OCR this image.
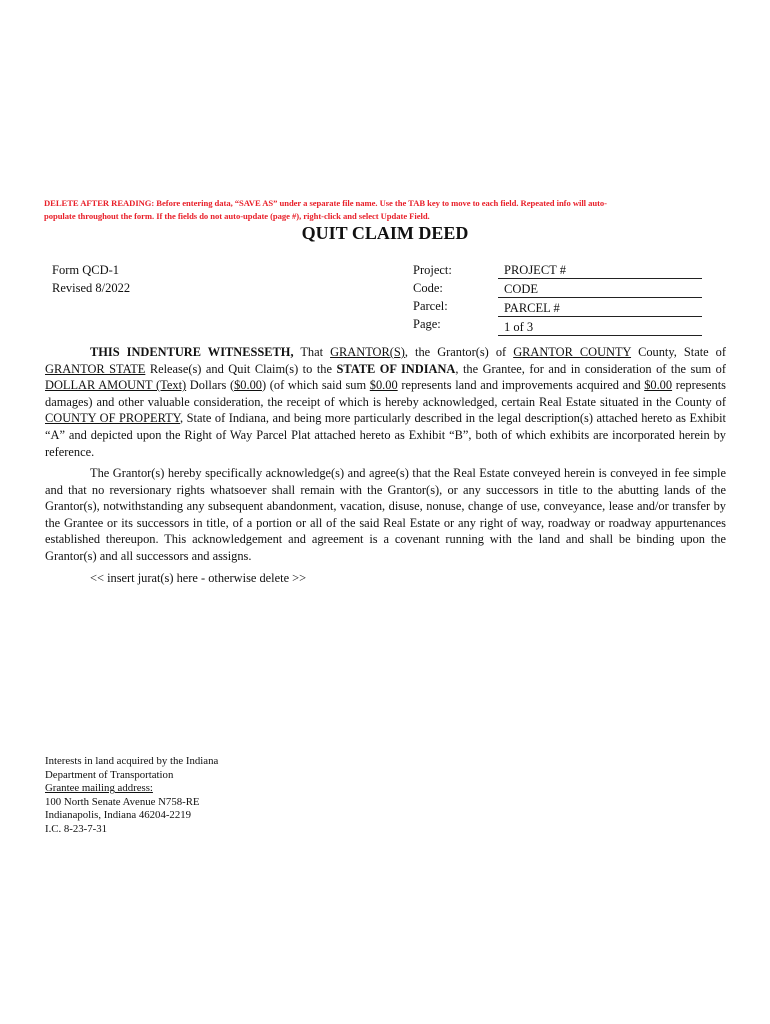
DELETE AFTER READING: Before entering data, “SAVE AS” under a separate file name. Use the TAB key to move to each field. Repeated info will auto-
populate throughout the form. If the fields do not auto-update (page #), right-click and select Update Field.
QUIT CLAIM DEED
Form QCD-1
Revised 8/2022
Project:
Code:
Parcel:
Page:
PROJECT #
CODE
PARCEL #
1 of 3
THIS INDENTURE WITNESSETH, That GRANTOR(S), the Grantor(s) of GRANTOR COUNTY County, State of GRANTOR STATE Release(s) and Quit Claim(s) to the STATE OF INDIANA, the Grantee, for and in consideration of the sum of DOLLAR AMOUNT (Text) Dollars ($0.00) (of which said sum $0.00 represents land and improvements acquired and $0.00 represents damages) and other valuable consideration, the receipt of which is hereby acknowledged, certain Real Estate situated in the County of COUNTY OF PROPERTY, State of Indiana, and being more particularly described in the legal description(s) attached hereto as Exhibit “A” and depicted upon the Right of Way Parcel Plat attached hereto as Exhibit “B”, both of which exhibits are incorporated herein by reference.
The Grantor(s) hereby specifically acknowledge(s) and agree(s) that the Real Estate conveyed herein is conveyed in fee simple and that no reversionary rights whatsoever shall remain with the Grantor(s), or any successors in title to the abutting lands of the Grantor(s), notwithstanding any subsequent abandonment, vacation, disuse, nonuse, change of use, conveyance, lease and/or transfer by the Grantee or its successors in title, of a portion or all of the said Real Estate or any right of way, roadway or roadway appurtenances established thereupon. This acknowledgement and agreement is a covenant running with the land and shall be binding upon the Grantor(s) and all successors and assigns.
<< insert jurat(s) here - otherwise delete >>
Interests in land acquired by the Indiana
Department of Transportation
Grantee mailing address:
100 North Senate Avenue N758-RE
Indianapolis, Indiana 46204-2219
I.C. 8-23-7-31
